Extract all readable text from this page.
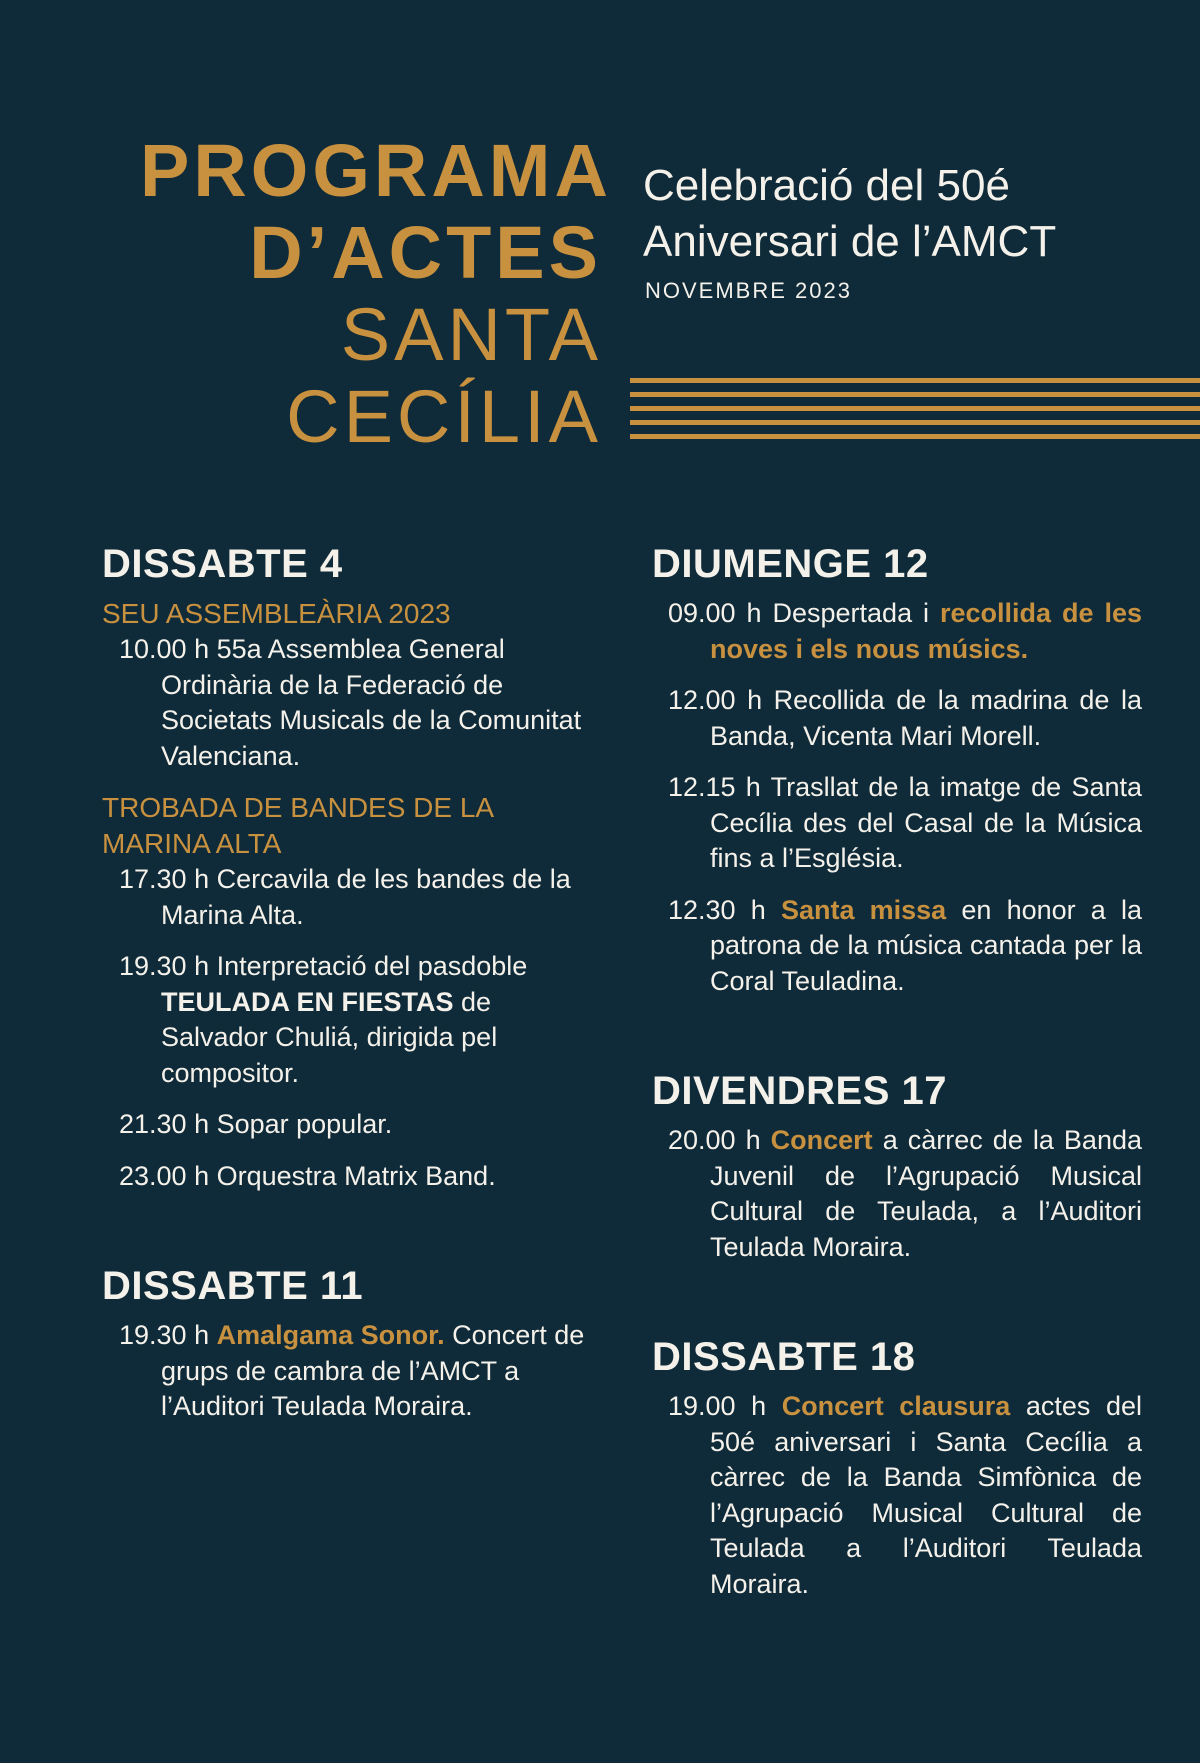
PROGRAMA
D’ACTES
SANTA
CECÍLIA
Celebració del 50é
Aniversari de l’AMCT
NOVEMBRE 2023
DISSABTE 4
SEU ASSEMBLEÀRIA 2023
10.00 h 55a Assemblea General Ordinària de la Federació de Societats Musicals de la Comunitat Valenciana.
TROBADA DE BANDES DE LA MARINA ALTA
17.30 h Cercavila de les bandes de la Marina Alta.
19.30 h Interpretació del pasdoble TEULADA EN FIESTAS de Salvador Chuliá, dirigida pel compositor.
21.30 h Sopar popular.
23.00 h Orquestra Matrix Band.
DISSABTE 11
19.30 h Amalgama Sonor. Concert de grups de cambra de l’AMCT a l’Auditori Teulada Moraira.
DIUMENGE 12
09.00 h Despertada i recollida de les noves i els nous músics.
12.00 h Recollida de la madrina de la Banda, Vicenta Mari Morell.
12.15 h Trasllat de la imatge de Santa Cecília des del Casal de la Música fins a l’Església.
12.30 h Santa missa en honor a la patrona de la música cantada per la Coral Teuladina.
DIVENDRES 17
20.00 h Concert a càrrec de la Banda Juvenil de l’Agrupació Musical Cultural de Teulada, a l’Auditori Teulada Moraira.
DISSABTE 18
19.00 h Concert clausura actes del 50é aniversari i Santa Cecília a càrrec de la Banda Simfònica de l’Agrupació Musical Cultural de Teulada a l’Auditori Teulada Moraira.
